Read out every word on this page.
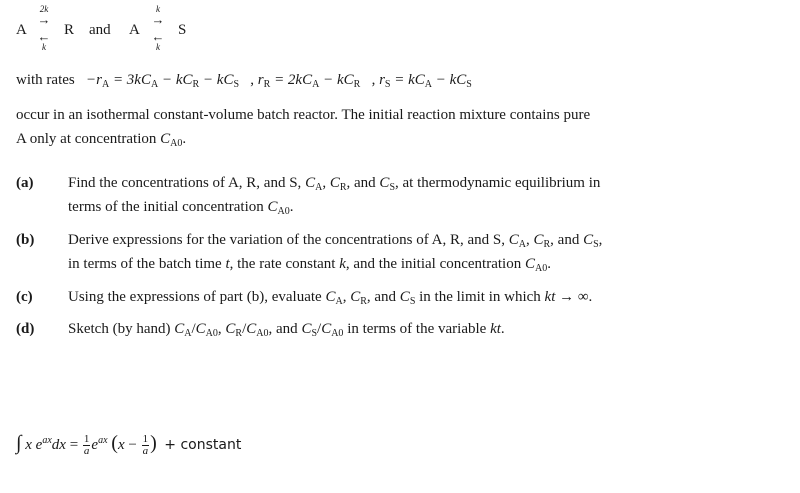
A
2k
→
←
k
R and A
k
→
←
k
S
with rates $-r_A = 3kC_A - kC_R - kC_S$   , $r_R = 2kC_A - kC_R$   , $r_S = kC_A - kC_S$
occur in an isothermal constant-volume batch reactor. The initial reaction mixture contains pure
A only at concentration $C_{A0}$.
(a) Find the concentrations of A, R, and S, $C_A$, $C_R$, and $C_S$, at thermodynamic equilibrium in
terms of the initial concentration $C_{A0}$.
(b) Derive expressions for the variation of the concentrations of A, R, and S, $C_A$, $C_R$, and $C_S$,
in terms of the batch time t, the rate constant k, and the initial concentration $C_{A0}$.
(c) Using the expressions of part (b), evaluate $C_A$, $C_R$, and $C_S$ in the limit in which kt → ∞.
(d) Sketch (by hand) $C_A/C_{A0}$, $C_R/C_{A0}$, and $C_S/C_{A0}$ in terms of the variable kt.
∫ x $e^{ax}dx = \frac{1}{a} e^{ax}$ ($x - \frac{1}{a}$ ) + constant
